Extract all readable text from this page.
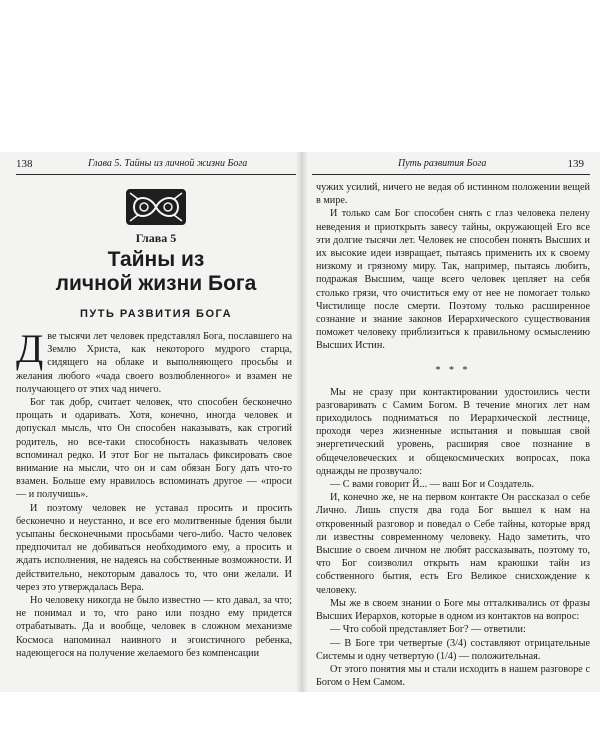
138	Глава 5. Тайны из личной жизни Бога
Глава 5
Тайны из
личной жизни Бога
ПУТЬ РАЗВИТИЯ БОГА

Две тысячи лет человек представлял Бога, пославшего на Землю Христа, как некоторого мудрого старца, сидящего на облаке и выполняющего просьбы и желания любого «чада своего возлюбленного» и взамен не получающего от этих чад ничего.

Бог так добр, считает человек, что способен бесконечно прощать и одаривать. Хотя, конечно, иногда человек и допускал мысль, что Он способен наказывать, как строгий родитель, но все-таки способность наказывать человек вспоминал редко. И этот Бог не пыталась фиксировать свое внимание на мысли, что он и сам обязан Богу дать что-то взамен. Больше ему нравилось вспоминать другое — «проси — и получишь».

И поэтому человек не уставал просить и просить бесконечно и неустанно, и все его молитвенные бдения были усыпаны бесконечными просьбами чего-либо. Часто человек предпочитал не добиваться необходимого ему, а просить и ждать исполнения, не надеясь на собственные возможности. И действительно, некоторым давалось то, что они желали. И через это утверждалась Вера.

Но человеку никогда не было известно — кто давал, за что; не понимал и то, что рано или поздно ему придется отрабатывать. Да и вообще, человек в сложном механизме Космоса напоминал наивного и эгоистичного ребенка, надеющегося на получение желаемого без компенсации

Путь развития Бога	139

чужих усилий, ничего не ведая об истинном положении вещей в мире.

И только сам Бог способен снять с глаз человека пелену неведения и приоткрыть завесу тайны, окружающей Его все эти долгие тысячи лет. Человек не способен понять Высших и их высокие идеи извращает, пытаясь применить их к своему низкому и грязному миру. Так, например, пытаясь любить, подражая Высшим, чаще всего человек цепляет на себя столько грязи, что очиститься ему от нее не помогает только Чистилище после смерти. Поэтому только расширенное сознание и знание законов Иерархического существования поможет человеку приблизиться к правильному осмыслению Высших Истин.

* * *

Мы не сразу при контактировании удостоились чести разговаривать с Самим Богом. В течение многих лет нам приходилось подниматься по Иерархической лестнице, проходя через жизненные испытания и повышая свой энергетический уровень, расширяя свое познание в общечеловеческих и общекосмических вопросах, пока однажды не прозвучало:

— С вами говорит Й... — ваш Бог и Создатель.

И, конечно же, не на первом контакте Он рассказал о себе Лично. Лишь спустя два года Бог вышел к нам на откровенный разговор и поведал о Себе тайны, которые вряд ли известны современному человеку. Надо заметить, что Высшие о своем личном не любят рассказывать, поэтому то, что Бог соизволил открыть нам краюшки тайн из собственного бытия, есть Его Великое снисхождение к человеку.

Мы же в своем знании о Боге мы отталкивались от фразы Высших Иерархов, которые в одном из контактов на вопрос:

— Что собой представляет Бог? — ответили:

— В Боге три четвертые (3/4) составляют отрицательные Системы и одну четвертую (1/4) — положительная.

От этого понятия мы и стали исходить в нашем разговоре с Богом о Нем Самом.
